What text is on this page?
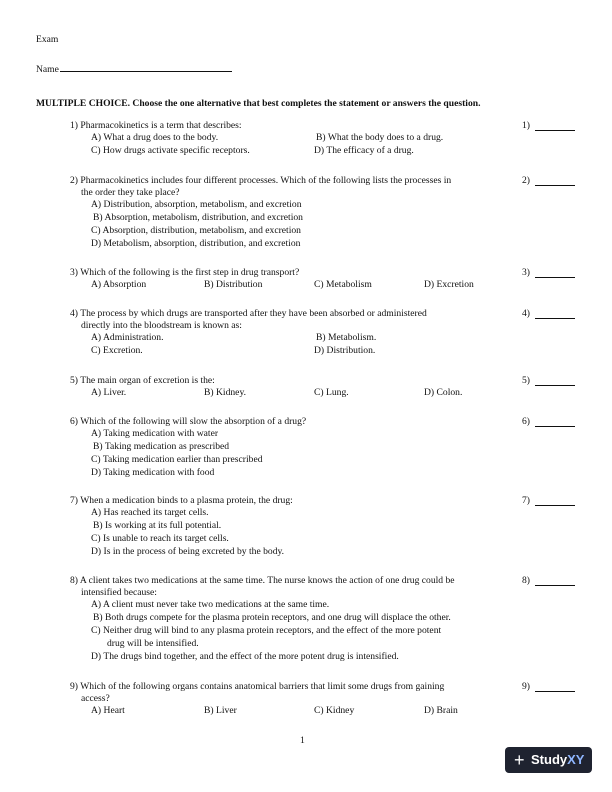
Exam
Name
MULTIPLE CHOICE. Choose the one alternative that best completes the statement or answers the question.
1) Pharmacokinetics is a term that describes:
A) What a drug does to the body.	B) What the body does to a drug.
C) How drugs activate specific receptors.	D) The efficacy of a drug.
1)
2) Pharmacokinetics includes four different processes. Which of the following lists the processes in
the order they take place?
A) Distribution, absorption, metabolism, and excretion
B) Absorption, metabolism, distribution, and excretion
C) Absorption, distribution, metabolism, and excretion
D) Metabolism, absorption, distribution, and excretion
2)
3) Which of the following is the first step in drug transport?
A) Absorption	B) Distribution	C) Metabolism	D) Excretion
3)
4) The process by which drugs are transported after they have been absorbed or administered
directly into the bloodstream is known as:
A) Administration.	B) Metabolism.
C) Excretion.	D) Distribution.
4)
5) The main organ of excretion is the:
A) Liver.	B) Kidney.	C) Lung.	D) Colon.
5)
6) Which of the following will slow the absorption of a drug?
A) Taking medication with water
B) Taking medication as prescribed
C) Taking medication earlier than prescribed
D) Taking medication with food
6)
7) When a medication binds to a plasma protein, the drug:
A) Has reached its target cells.
B) Is working at its full potential.
C) Is unable to reach its target cells.
D) Is in the process of being excreted by the body.
7)
8) A client takes two medications at the same time. The nurse knows the action of one drug could be
intensified because:
A) A client must never take two medications at the same time.
B) Both drugs compete for the plasma protein receptors, and one drug will displace the other.
C) Neither drug will bind to any plasma protein receptors, and the effect of the more potent
drug will be intensified.
D) The drugs bind together, and the effect of the more potent drug is intensified.
8)
9) Which of the following organs contains anatomical barriers that limit some drugs from gaining
access?
A) Heart	B) Liver	C) Kidney	D) Brain
9)
1
+ StudyXY
